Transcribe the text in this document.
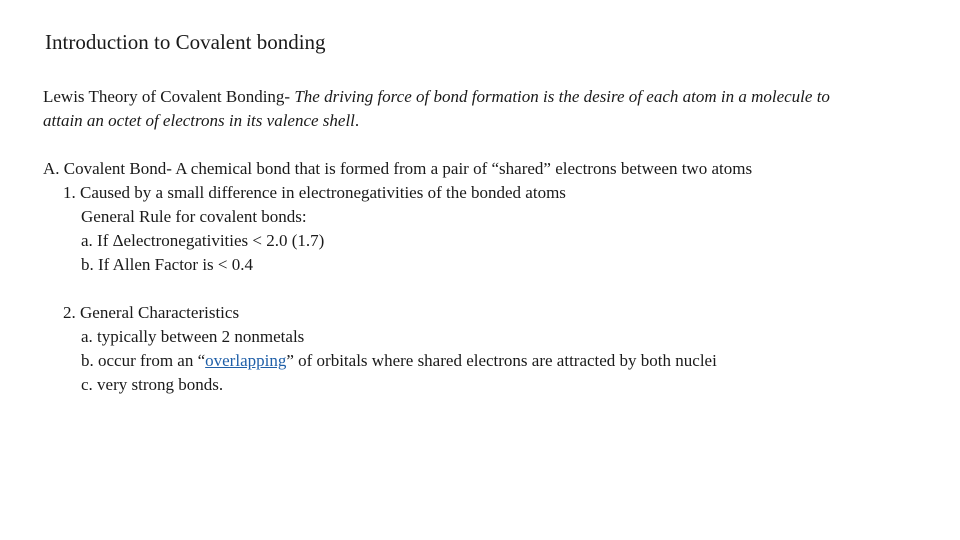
Introduction to Covalent bonding

Lewis Theory of Covalent Bonding- The driving force of bond formation is the desire of each atom in a molecule to attain an octet of electrons in its valence shell.

A. Covalent Bond- A chemical bond that is formed from a pair of “shared” electrons between two atoms

1. Caused by a small difference in electronegativities of the bonded atoms

General Rule for covalent bonds:

a. If Δelectronegativities < 2.0 (1.7)

b. If Allen Factor is < 0.4

2. General Characteristics

a. typically between 2 nonmetals

b. occur from an “overlapping” of orbitals where shared electrons are attracted by both nuclei

c. very strong bonds.
